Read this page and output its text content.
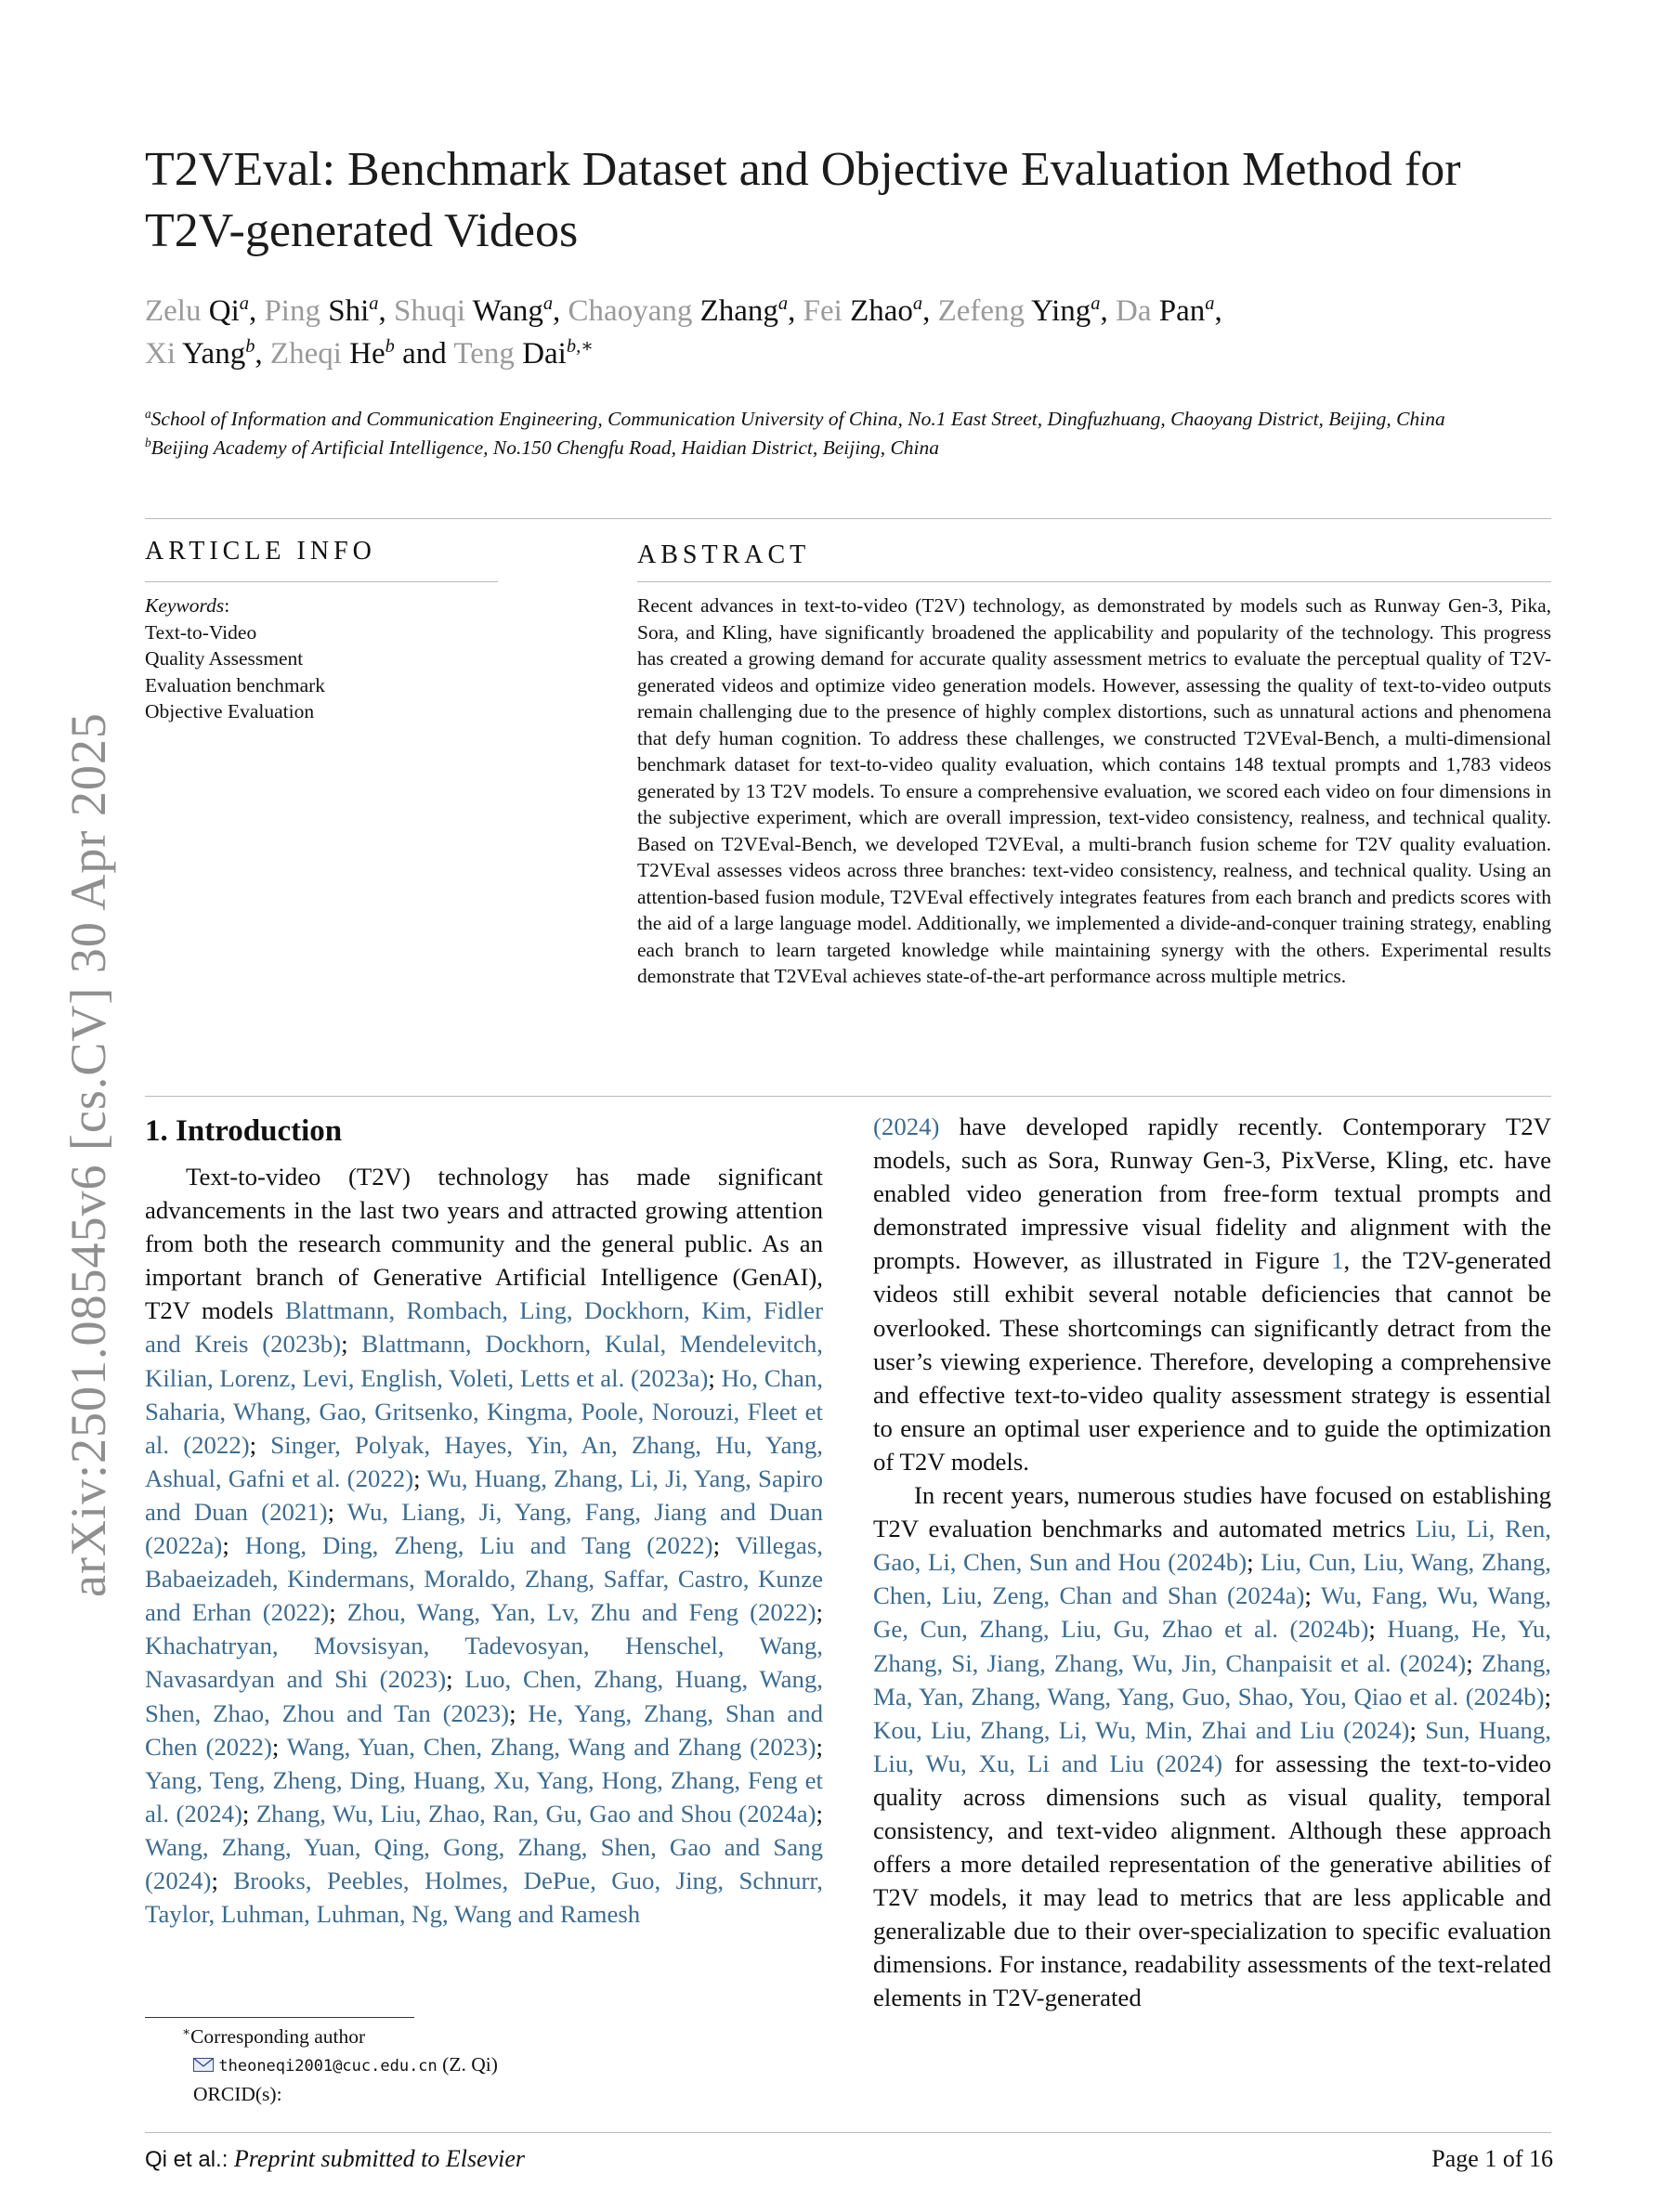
arXiv:2501.08545v6 [cs.CV] 30 Apr 2025
T2VEval: Benchmark Dataset and Objective Evaluation Method for T2V-generated Videos
Zelu Qi$^a$, Ping Shi$^a$, Shuqi Wang$^a$, Chaoyang Zhang$^a$, Fei Zhao$^a$, Zefeng Ying$^a$, Da Pan$^a$,
Xi Yang$^b$, Zheqi He$^b$ and Teng Dai$^{b,∗}$
$^a$School of Information and Communication Engineering, Communication University of China, No.1 East Street, Dingfuzhuang, Chaoyang District, Beijing, China
$^b$Beijing Academy of Artificial Intelligence, No.150 Chengfu Road, Haidian District, Beijing, China
ARTICLE INFO	ABSTRACT
Keywords:
Text-to-Video
Quality Assessment
Evaluation benchmark
Objective Evaluation
Recent advances in text-to-video (T2V) technology, as demonstrated by models such as Runway Gen-3, Pika, Sora, and Kling, have significantly broadened the applicability and popularity of the technology. This progress has created a growing demand for accurate quality assessment metrics to evaluate the perceptual quality of T2V-generated videos and optimize video generation models. However, assessing the quality of text-to-video outputs remain challenging due to the presence of highly complex distortions, such as unnatural actions and phenomena that defy human cognition. To address these challenges, we constructed T2VEval-Bench, a multi-dimensional benchmark dataset for text-to-video quality evaluation, which contains 148 textual prompts and 1,783 videos generated by 13 T2V models. To ensure a comprehensive evaluation, we scored each video on four dimensions in the subjective experiment, which are overall impression, text-video consistency, realness, and technical quality. Based on T2VEval-Bench, we developed T2VEval, a multi-branch fusion scheme for T2V quality evaluation. T2VEval assesses videos across three branches: text-video consistency, realness, and technical quality. Using an attention-based fusion module, T2VEval effectively integrates features from each branch and predicts scores with the aid of a large language model. Additionally, we implemented a divide-and-conquer training strategy, enabling each branch to learn targeted knowledge while maintaining synergy with the others. Experimental results demonstrate that T2VEval achieves state-of-the-art performance across multiple metrics.
1. Introduction

Text-to-video (T2V) technology has made significant advancements in the last two years and attracted growing attention from both the research community and the general public. As an important branch of Generative Artificial Intelligence (GenAI), T2V models Blattmann, Rombach, Ling, Dockhorn, Kim, Fidler and Kreis (2023b); Blattmann, Dockhorn, Kulal, Mendelevitch, Kilian, Lorenz, Levi, English, Voleti, Letts et al. (2023a); Ho, Chan, Saharia, Whang, Gao, Gritsenko, Kingma, Poole, Norouzi, Fleet et al. (2022); Singer, Polyak, Hayes, Yin, An, Zhang, Hu, Yang, Ashual, Gafni et al. (2022); Wu, Huang, Zhang, Li, Ji, Yang, Sapiro and Duan (2021); Wu, Liang, Ji, Yang, Fang, Jiang and Duan (2022a); Hong, Ding, Zheng, Liu and Tang (2022); Villegas, Babaeizadeh, Kindermans, Moraldo, Zhang, Saffar, Castro, Kunze and Erhan (2022); Zhou, Wang, Yan, Lv, Zhu and Feng (2022); Khachatryan, Movsisyan, Tadevosyan, Henschel, Wang, Navasardyan and Shi (2023); Luo, Chen, Zhang, Huang, Wang, Shen, Zhao, Zhou and Tan (2023); He, Yang, Zhang, Shan and Chen (2022); Wang, Yuan, Chen, Zhang, Wang and Zhang (2023); Yang, Teng, Zheng, Ding, Huang, Xu, Yang, Hong, Zhang, Feng et al. (2024); Zhang, Wu, Liu, Zhao, Ran, Gu, Gao and Shou (2024a); Wang, Zhang, Yuan, Qing, Gong, Zhang, Shen, Gao and Sang (2024); Brooks, Peebles, Holmes, DePue, Guo, Jing, Schnurr, Taylor, Luhman, Luhman, Ng, Wang and Ramesh

(2024) have developed rapidly recently. Contemporary T2V models, such as Sora, Runway Gen-3, PixVerse, Kling, etc. have enabled video generation from free-form textual prompts and demonstrated impressive visual fidelity and alignment with the prompts. However, as illustrated in Figure 1, the T2V-generated videos still exhibit several notable deficiencies that cannot be overlooked. These shortcomings can significantly detract from the user’s viewing experience. Therefore, developing a comprehensive and effective text-to-video quality assessment strategy is essential to ensure an optimal user experience and to guide the optimization of T2V models.

In recent years, numerous studies have focused on establishing T2V evaluation benchmarks and automated metrics Liu, Li, Ren, Gao, Li, Chen, Sun and Hou (2024b); Liu, Cun, Liu, Wang, Zhang, Chen, Liu, Zeng, Chan and Shan (2024a); Wu, Fang, Wu, Wang, Ge, Cun, Zhang, Liu, Gu, Zhao et al. (2024b); Huang, He, Yu, Zhang, Si, Jiang, Zhang, Wu, Jin, Chanpaisit et al. (2024); Zhang, Ma, Yan, Zhang, Wang, Yang, Guo, Shao, You, Qiao et al. (2024b); Kou, Liu, Zhang, Li, Wu, Min, Zhai and Liu (2024); Sun, Huang, Liu, Wu, Xu, Li and Liu (2024) for assessing the text-to-video quality across dimensions such as visual quality, temporal consistency, and text-video alignment. Although these approach offers a more detailed representation of the generative abilities of T2V models, it may lead to metrics that are less applicable and generalizable due to their over-specialization to specific evaluation dimensions. For instance, readability assessments of the text-related elements in T2V-generated

∗Corresponding author
theoneqi2001@cuc.edu.cn (Z. Qi)
ORCID(s):
Qi et al.: Preprint submitted to Elsevier	Page 1 of 16
